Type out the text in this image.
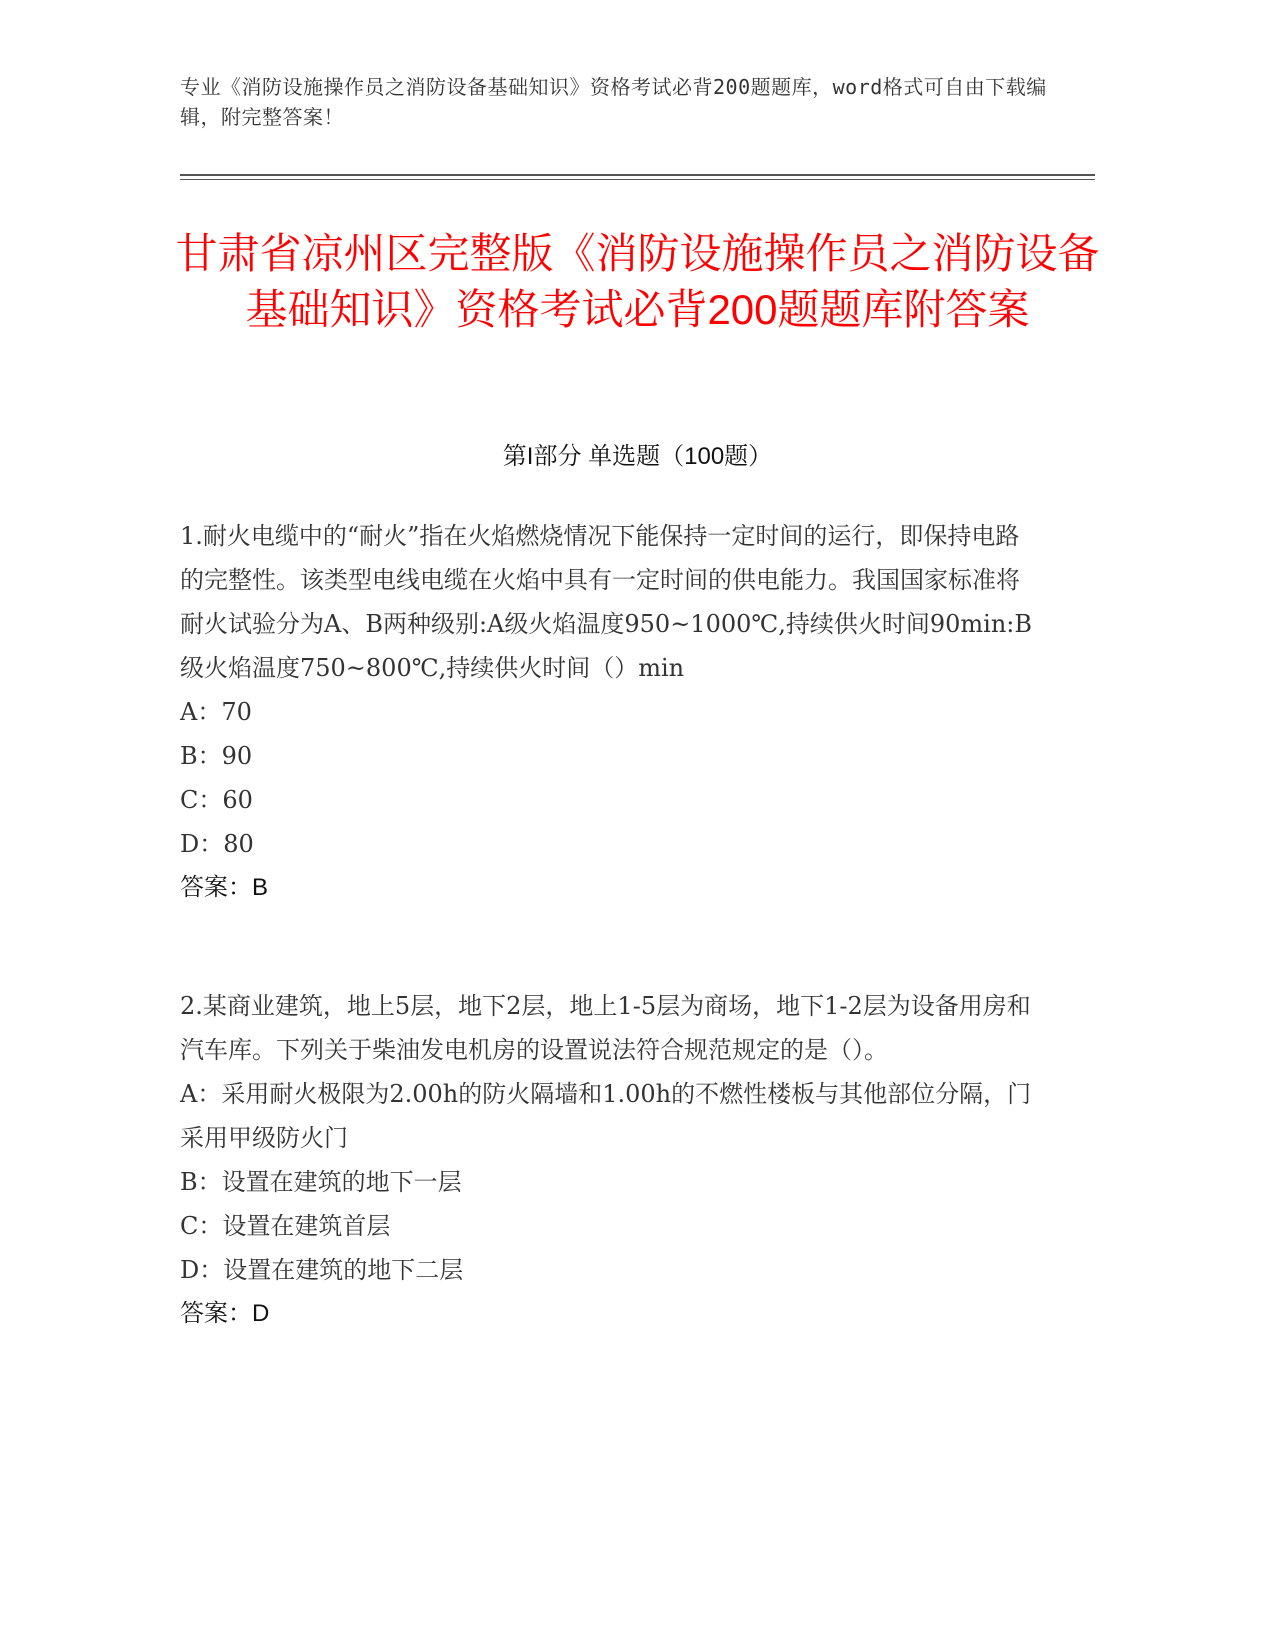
专业《消防设施操作员之消防设备基础知识》资格考试必背200题题库，word格式可自由下载编辑，附完整答案！
甘肃省凉州区完整版《消防设施操作员之消防设备基础知识》资格考试必背200题题库附答案
第I部分 单选题（100题）
1.耐火电缆中的“耐火”指在火焰燃烧情况下能保持一定时间的运行，即保持电路的完整性。该类型电线电缆在火焰中具有一定时间的供电能力。我国国家标准将耐火试验分为A、B两种级别:A级火焰温度950~1000℃,持续供火时间90min:B级火焰温度750~800℃,持续供火时间（）min
A：70
B：90
C：60
D：80
答案：B
2.某商业建筑，地上5层，地下2层，地上1-5层为商场，地下1-2层为设备用房和汽车库。下列关于柴油发电机房的设置说法符合规范规定的是（）。
A：采用耐火极限为2.00h的防火隔墙和1.00h的不燃性楼板与其他部位分隔，门采用甲级防火门
B：设置在建筑的地下一层
C：设置在建筑首层
D：设置在建筑的地下二层
答案：D
